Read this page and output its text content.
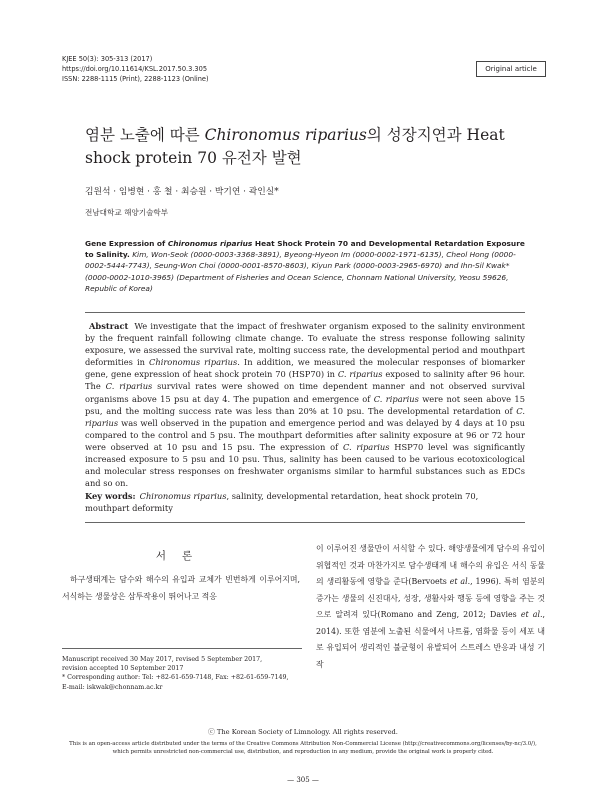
KJEE 50(3): 305-313 (2017)
https://doi.org/10.11614/KSL.2017.50.3.305
ISSN: 2288-1115 (Print), 2288-1123 (Online)
Original article
염분 노출에 따른 Chironomus riparius의 성장지연과 Heat shock protein 70 유전자 발현
김원석 · 임병현 · 홍 철 · 최승원 · 박기연 · 곽인실*
전남대학교 해양기술학부
Gene Expression of Chironomus riparius Heat Shock Protein 70 and Developmental Retardation Exposure to Salinity. Kim, Won-Seok (0000-0003-3368-3891), Byeong-Hyeon Im (0000-0002-1971-6135), Cheol Hong (0000-0002-5444-7743), Seung-Won Choi (0000-0001-8570-8603), Kiyun Park (0000-0003-2965-6970) and Ihn-Sil Kwak* (0000-0002-1010-3965) (Department of Fisheries and Ocean Science, Chonnam National University, Yeosu 59626, Republic of Korea)
Abstract We investigate that the impact of freshwater organism exposed to the salinity environment by the frequent rainfall following climate change. To evaluate the stress response following salinity exposure, we assessed the survival rate, molting success rate, the developmental period and mouthpart deformities in Chironomus riparius. In addition, we measured the molecular responses of biomarker gene, gene expression of heat shock protein 70 (HSP70) in C. riparius exposed to salinity after 96 hour. The C. riparius survival rates were showed on time dependent manner and not observed survival organisms above 15 psu at day 4. The pupation and emergence of C. riparius were not seen above 15 psu, and the molting success rate was less than 20% at 10 psu. The developmental retardation of C. riparius was well observed in the pupation and emergence period and was delayed by 4 days at 10 psu compared to the control and 5 psu. The mouthpart deformities after salinity exposure at 96 or 72 hour were observed at 10 psu and 15 psu. The expression of C. riparius HSP70 level was significantly increased exposure to 5 psu and 10 psu. Thus, salinity has been caused to be various ecotoxicological and molecular stress responses on freshwater organisms similar to harmful substances such as EDCs and so on.
Key words: Chironomus riparius, salinity, developmental retardation, heat shock protein 70, mouthpart deformity
서론
하구생태계는 담수와 해수의 유입과 교체가 빈번하게 이루어지며, 서식하는 생물상은 삼투작용이 뛰어나고 적응
이 이루어진 생물만이 서식할 수 있다. 해양생물에게 담수의 유입이 위협적인 것과 마찬가지로 담수생태계 내 해수의 유입은 서식 동물의 생리활동에 영향을 준다(Bervoets et al., 1996). 특히 염분의 증가는 생물의 신진대사, 성장, 생활사와 행동 등에 영향을 주는 것으로 알려져 있다(Romano and Zeng, 2012; Davies et al., 2014). 또한 염분에 노출된 식물에서 나트륨, 염화물 등이 세포 내로 유입되어 생리적인 불균형이 유발되어 스트레스 반응과 내성 기작
Manuscript received 30 May 2017, revised 5 September 2017,
revision accepted 10 September 2017
* Corresponding author: Tel: +82-61-659-7148, Fax: +82-61-659-7149,
E-mail: iskwak@chonnam.ac.kr
ⓒ The Korean Society of Limnology. All rights reserved.
This is an open-access article distributed under the terms of the Creative Commons Attribution Non-Commercial License (http://creativecommons.org/licenses/by-nc/3.0/),
which permits unrestricted non-commercial use, distribution, and reproduction in any medium, provide the original work is properly cited.
— 305 —
